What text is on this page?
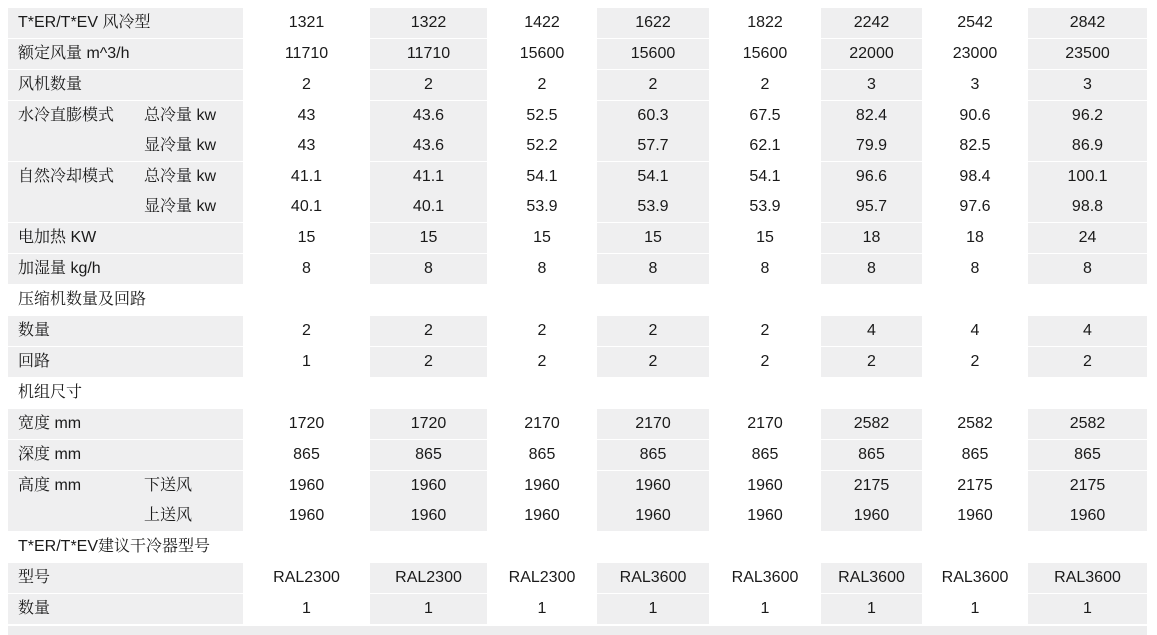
T*ER/T*EV 风冷型		1321	1322	1422	1622	1822	2242	2542	2842
额定风量 m^3/h		11710	11710	15600	15600	15600	22000	23000	23500
风机数量		2	2	2	2	2	3	3	3
水冷直膨模式	总冷量 kw	43	43.6	52.5	60.3	67.5	82.4	90.6	96.2
	显冷量 kw	43	43.6	52.2	57.7	62.1	79.9	82.5	86.9
自然冷却模式	总冷量 kw	41.1	41.1	54.1	54.1	54.1	96.6	98.4	100.1
	显冷量 kw	40.1	40.1	53.9	53.9	53.9	95.7	97.6	98.8
电加热 KW		15	15	15	15	15	18	18	24
加湿量 kg/h		8	8	8	8	8	8	8	8
压缩机数量及回路									
数量		2	2	2	2	2	4	4	4
回路		1	2	2	2	2	2	2	2
机组尺寸									
宽度 mm		1720	1720	2170	2170	2170	2582	2582	2582
深度 mm		865	865	865	865	865	865	865	865
高度 mm	下送风	1960	1960	1960	1960	1960	2175	2175	2175
	上送风	1960	1960	1960	1960	1960	1960	1960	1960
T*ER/T*EV建议干冷器型号									
型号		RAL2300	RAL2300	RAL2300	RAL3600	RAL3600	RAL3600	RAL3600	RAL3600
数量		1	1	1	1	1	1	1	1
